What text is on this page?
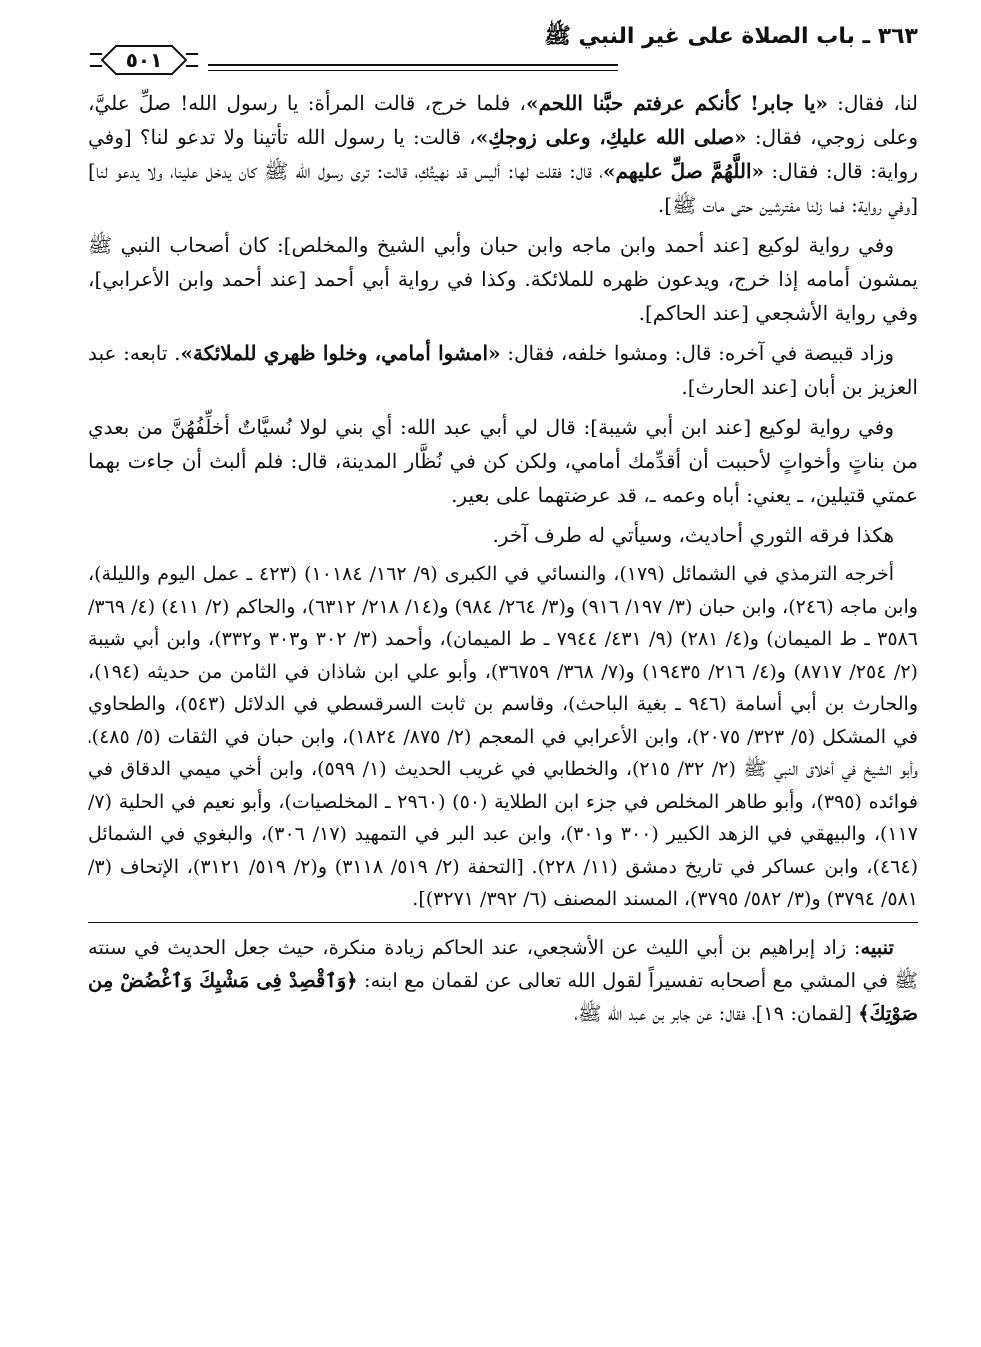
٣٦٣ ـ باب الصلاة على غير النبي ﷺ
٥٠١

لنا، فقال: «يا جابر! كأنكم عرفتم حبَّنا اللحم»، فلما خرج، قالت المرأة: يا رسول الله! صلِّ عليَّ، وعلى زوجي، فقال: «صلى الله عليكِ، وعلى زوجكِ»، قالت: يا رسول الله تأتينا ولا تدعو لنا؟ [وفي رواية: قال: فقال: «اللَّهُمَّ صلِّ عليهم»، قال: فقلت لها: أليس قد نهيتُكِ، قالت: ترى رسول الله ﷺ كان يدخل علينا، ولا يدعو لنا] [وفي رواية: فما زلنا مفترشين حتى مات ﷺ].

وفي رواية لوكيع [عند أحمد وابن ماجه وابن حبان وأبي الشيخ والمخلص]: كان أصحاب النبي ﷺ يمشون أمامه إذا خرج، ويدعون ظهره للملائكة. وكذا في رواية أبي أحمد [عند أحمد وابن الأعرابي]، وفي رواية الأشجعي [عند الحاكم].

وزاد قبيصة في آخره: قال: ومشوا خلفه، فقال: «امشوا أمامي، وخلوا ظهري للملائكة». تابعه: عبد العزيز بن أبان [عند الحارث].

وفي رواية لوكيع [عند ابن أبي شيبة]: قال لي أبي عبد الله: أي بني لولا نُسيَّاتٌ أخلِّفُهُنَّ من بعدي من بناتٍ وأخواتٍ لأحببت أن أقدِّمك أمامي، ولكن كن في نُظَّار المدينة، قال: فلم ألبث أن جاءت بهما عمتي قتيلين، ـ يعني: أباه وعمه ـ، قد عرضتهما على بعير.

هكذا فرقه الثوري أحاديث، وسيأتي له طرف آخر.

أخرجه الترمذي في الشمائل (١٧٩)، والنسائي في الكبرى (٩/ ١٦٢/ ١٠١٨٤) (٤٢٣ ـ عمل اليوم والليلة)، وابن ماجه (٢٤٦)، وابن حبان (٣/ ١٩٧/ ٩١٦) و(٣/ ٢٦٤/ ٩٨٤) و(١٤/ ٢١٨/ ٦٣١٢)، والحاكم (٢/ ٤١١) (٤/ ٣٦٩/ ٣٥٨٦ ـ ط الميمان) و(٤/ ٢٨١) (٩/ ٤٣١/ ٧٩٤٤ ـ ط الميمان)، وأحمد (٣/ ٣٠٢ و٣٠٣ و٣٣٢)، وابن أبي شيبة (٢/ ٢٥٤/ ٨٧١٧) و(٤/ ٢١٦/ ١٩٤٣٥) و(٧/ ٣٦٨/ ٣٦٧٥٩)، وأبو علي ابن شاذان في الثامن من حديثه (١٩٤)، والحارث بن أبي أسامة (٩٤٦ ـ بغية الباحث)، وقاسم بن ثابت السرقسطي في الدلائل (٥٤٣)، والطحاوي في المشكل (٥/ ٣٢٣/ ٢٠٧٥)، وابن الأعرابي في المعجم (٢/ ٨٧٥/ ١٨٢٤)، وابن حبان في الثقات (٥/ ٤٨٥)، وأبو الشيخ في أخلاق النبي ﷺ (٢/ ٣٢/ ٢١٥)، والخطابي في غريب الحديث (١/ ٥٩٩)، وابن أخي ميمي الدقاق في فوائده (٣٩٥)، وأبو طاهر المخلص في جزء ابن الطلاية (٥٠) (٢٩٦٠ ـ المخلصيات)، وأبو نعيم في الحلية (٧/ ١١٧)، والبيهقي في الزهد الكبير (٣٠٠ و٣٠١)، وابن عبد البر في التمهيد (١٧/ ٣٠٦)، والبغوي في الشمائل (٤٦٤)، وابن عساكر في تاريخ دمشق (١١/ ٢٢٨). [التحفة (٢/ ٥١٩/ ٣١١٨) و(٢/ ٥١٩/ ٣١٢١)، الإتحاف (٣/ ٥٨١/ ٣٧٩٤) و(٣/ ٥٨٢/ ٣٧٩٥)، المسند المصنف (٦/ ٣٩٢/ ٣٢٧١)].

تنبيه: زاد إبراهيم بن أبي الليث عن الأشجعي، عند الحاكم زيادة منكرة، حيث جعل الحديث في سنته ﷺ في المشي مع أصحابه تفسيراً لقول الله تعالى عن لقمان مع ابنه: ﴿وَٱقْصِدْ فِى مَشْيِكَ وَٱغْضُضْ مِن صَوْتِكَ﴾ [لقمان: ١٩]، فقال: عن جابر بن عبد الله ﷺ،
